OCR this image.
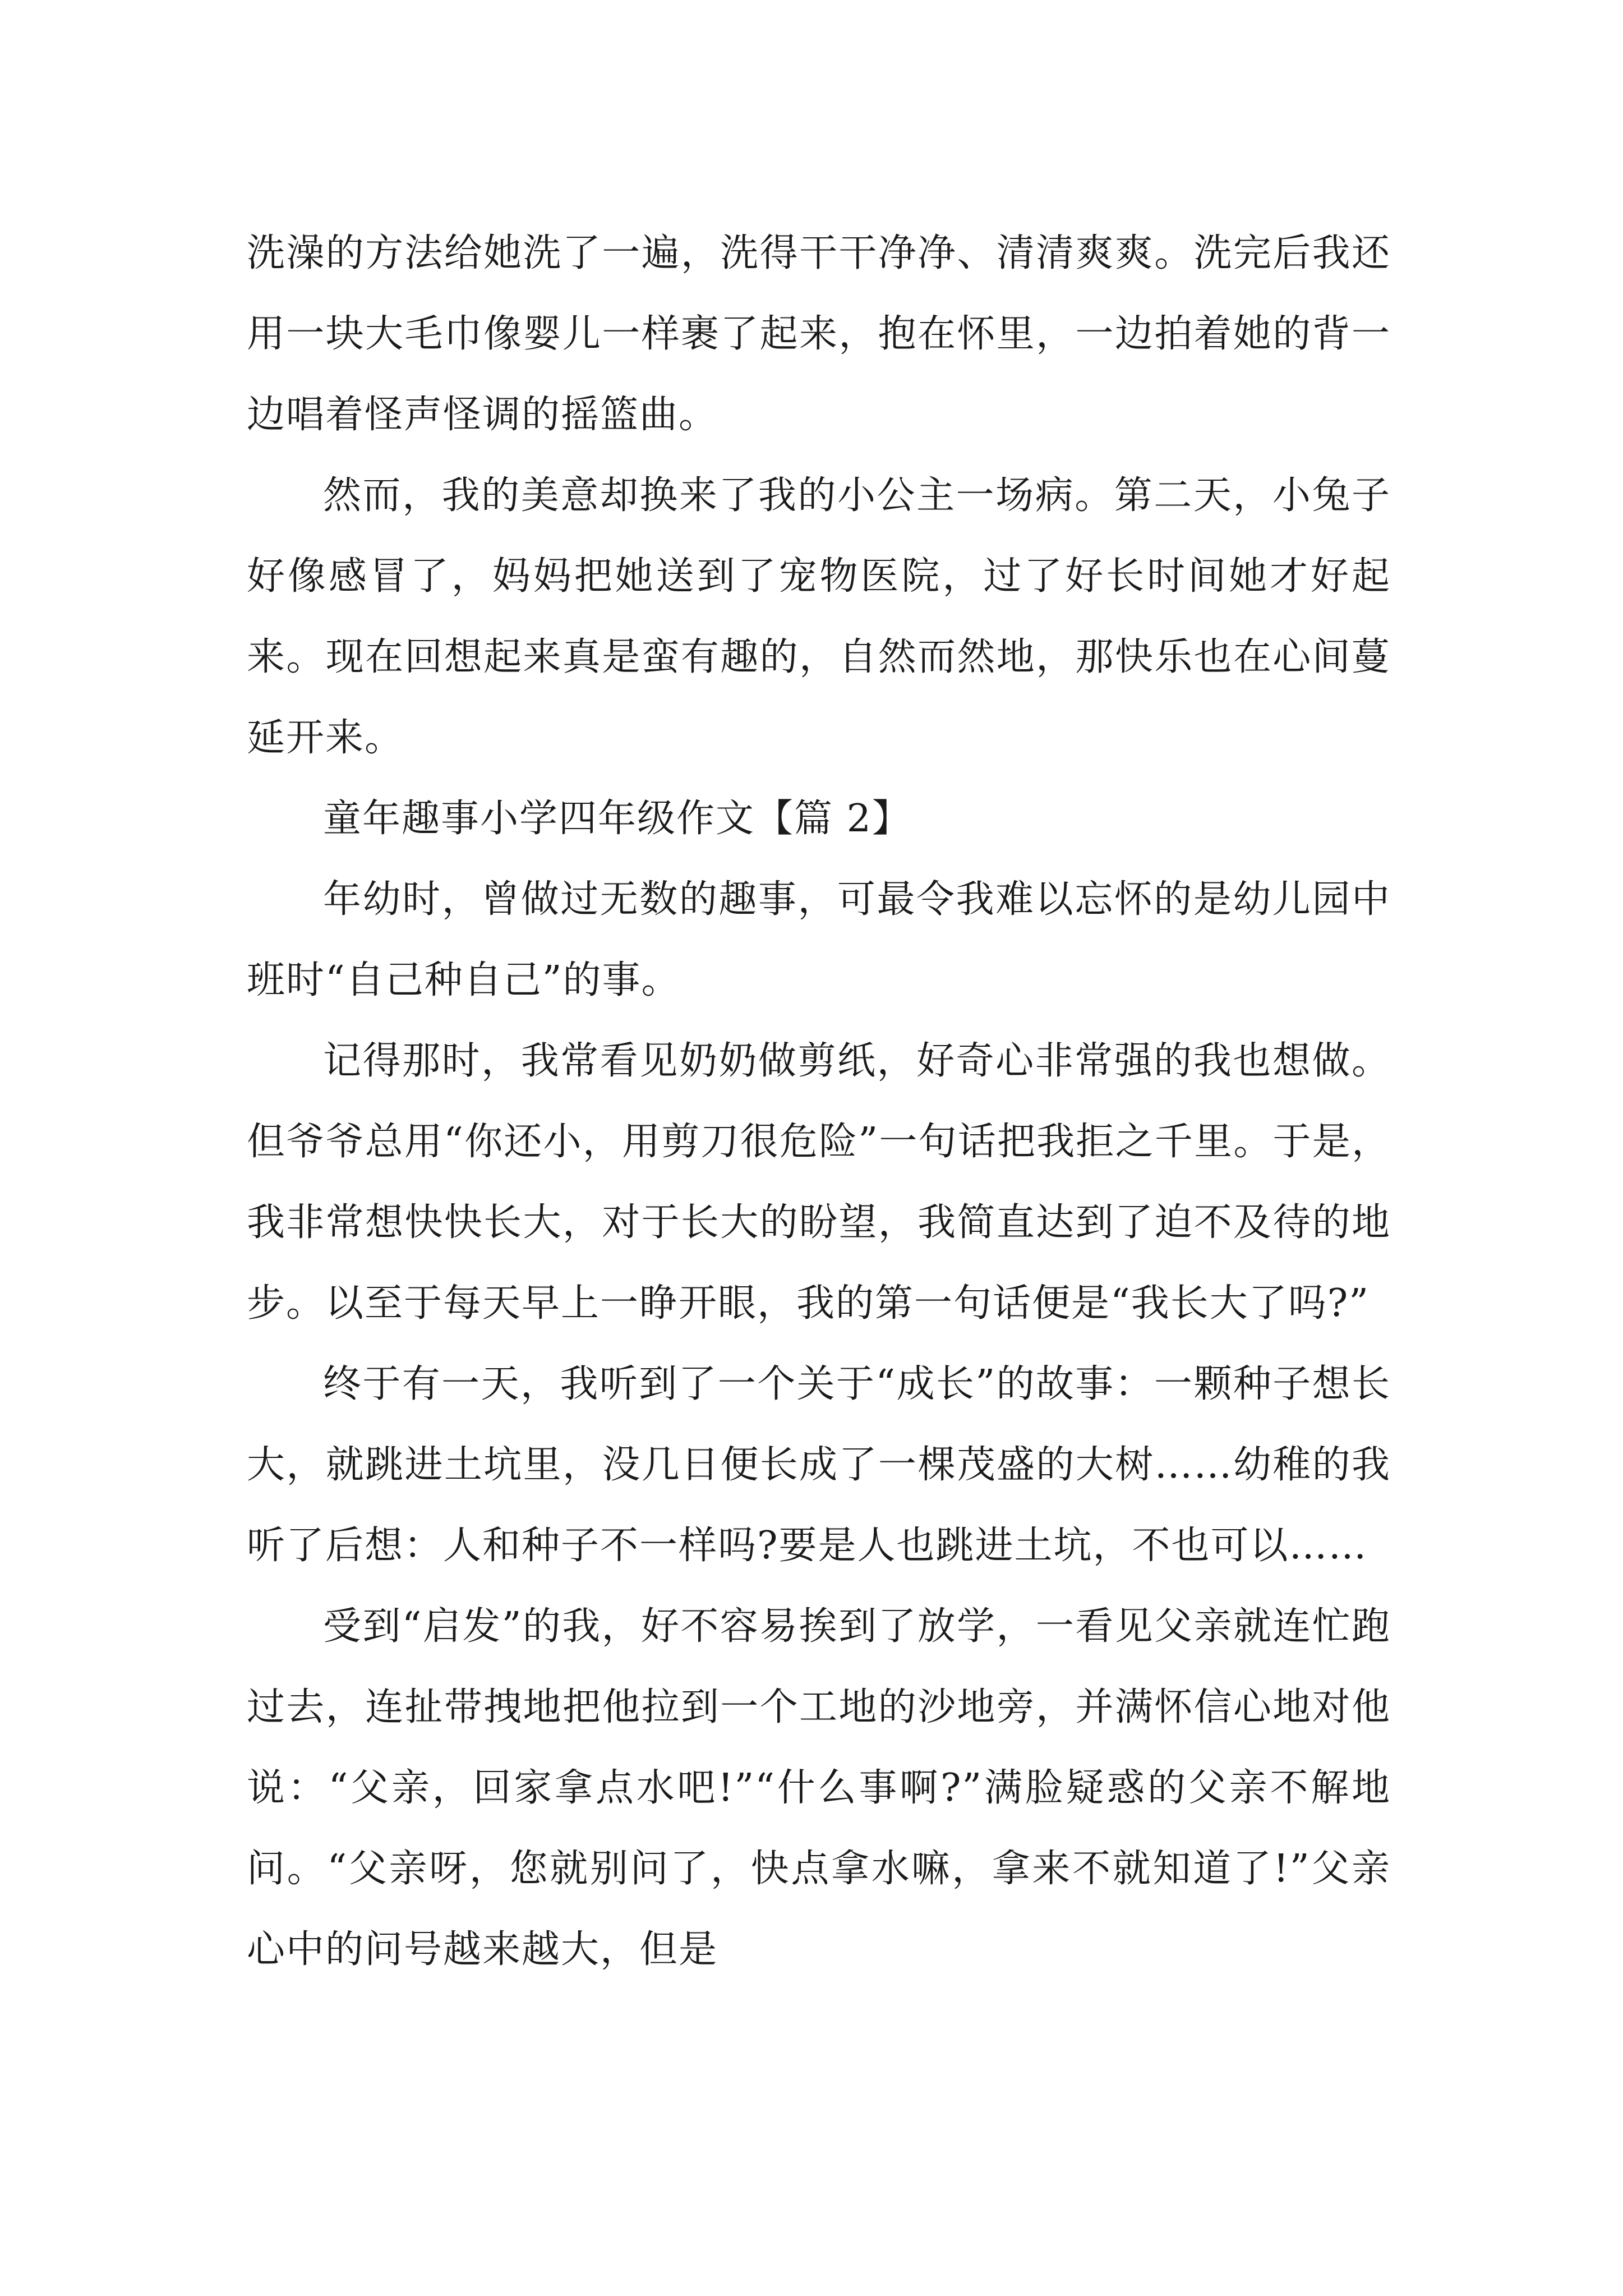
洗澡的方法给她洗了一遍，洗得干干净净、清清爽爽。洗完后我还用一块大毛巾像婴儿一样裹了起来，抱在怀里，一边拍着她的背一边唱着怪声怪调的摇篮曲。

然而，我的美意却换来了我的小公主一场病。第二天，小兔子好像感冒了，妈妈把她送到了宠物医院，过了好长时间她才好起来。现在回想起来真是蛮有趣的，自然而然地，那快乐也在心间蔓延开来。

童年趣事小学四年级作文【篇 2】

年幼时，曾做过无数的趣事，可最令我难以忘怀的是幼儿园中班时“自己种自己”的事。

记得那时，我常看见奶奶做剪纸，好奇心非常强的我也想做。但爷爷总用“你还小，用剪刀很危险”一句话把我拒之千里。于是，我非常想快快长大，对于长大的盼望，我简直达到了迫不及待的地步。以至于每天早上一睁开眼，我的第一句话便是“我长大了吗?”

终于有一天，我听到了一个关于“成长”的故事：一颗种子想长大，就跳进土坑里，没几日便长成了一棵茂盛的大树……幼稚的我听了后想：人和种子不一样吗?要是人也跳进土坑，不也可以……

受到“启发”的我，好不容易挨到了放学，一看见父亲就连忙跑过去，连扯带拽地把他拉到一个工地的沙地旁，并满怀信心地对他说：“父亲，回家拿点水吧!”“什么事啊?”满脸疑惑的父亲不解地问。“父亲呀，您就别问了，快点拿水嘛，拿来不就知道了!”父亲心中的问号越来越大，但是
